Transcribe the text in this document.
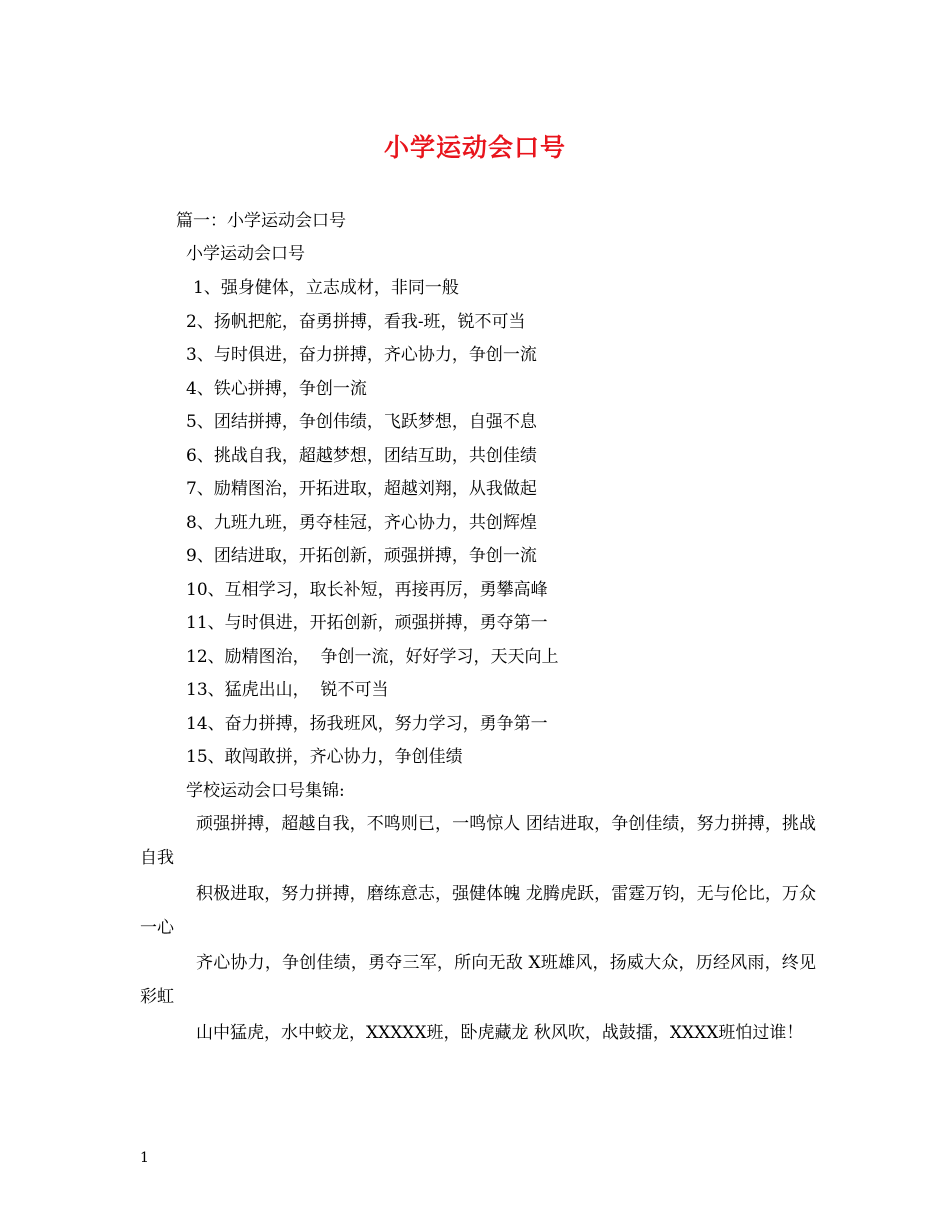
小学运动会口号
篇一：小学运动会口号
小学运动会口号
1、强身健体，立志成材，非同一般
2、扬帆把舵，奋勇拼搏，看我-班，锐不可当
3、与时俱进，奋力拼搏，齐心协力，争创一流
4、铁心拼搏，争创一流
5、团结拼搏，争创伟绩，飞跃梦想，自强不息
6、挑战自我，超越梦想，团结互助，共创佳绩
7、励精图治，开拓进取，超越刘翔，从我做起
8、九班九班，勇夺桂冠，齐心协力，共创辉煌
9、团结进取，开拓创新，顽强拼搏，争创一流
10、互相学习，取长补短，再接再厉，勇攀高峰
11、与时俱进，开拓创新，顽强拼搏，勇夺第一
12、励精图治，  争创一流，好好学习，天天向上
13、猛虎出山，  锐不可当
14、奋力拼搏，扬我班风，努力学习，勇争第一
15、敢闯敢拼，齐心协力，争创佳绩
学校运动会口号集锦:
顽强拼搏，超越自我，不鸣则已，一鸣惊人 团结进取，争创佳绩，努力拼搏，挑战自我
积极进取，努力拼搏，磨练意志，强健体魄 龙腾虎跃，雷霆万钧，无与伦比，万众一心
齐心协力，争创佳绩，勇夺三军，所向无敌 X班雄风，扬威大众，历经风雨，终见彩虹
山中猛虎，水中蛟龙，XXXXX班，卧虎藏龙 秋风吹，战鼓擂，XXXX班怕过谁！
1
